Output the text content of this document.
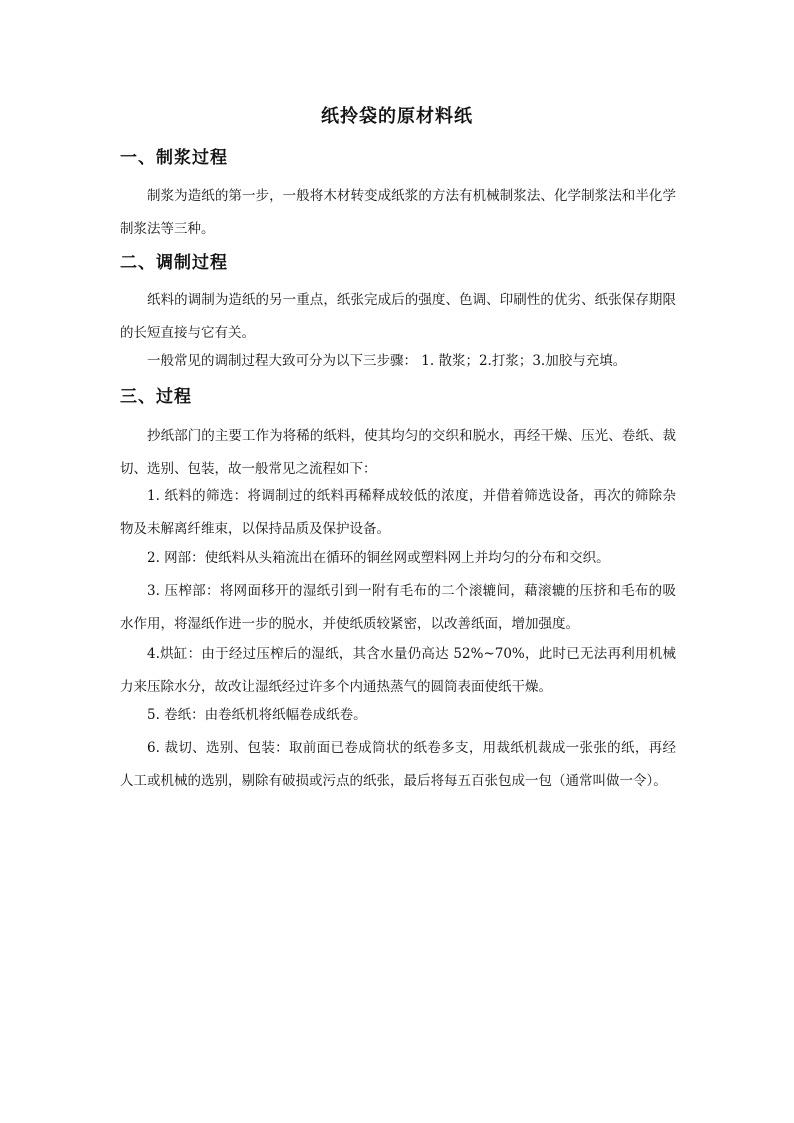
纸拎袋的原材料纸
一、制浆过程

制浆为造纸的第一步，一般将木材转变成纸浆的方法有机械制浆法、化学制浆法和半化学制浆法等三种。

二、调制过程

纸料的调制为造纸的另一重点，纸张完成后的强度、色调、印刷性的优劣、纸张保存期限的长短直接与它有关。

一般常见的调制过程大致可分为以下三步骤： 1. 散浆；2.打浆；3.加胶与充填。

三、过程

抄纸部门的主要工作为将稀的纸料，使其均匀的交织和脱水，再经干燥、压光、卷纸、裁切、选别、包装，故一般常见之流程如下：

1. 纸料的筛选：将调制过的纸料再稀释成较低的浓度，并借着筛选设备，再次的筛除杂物及未解离纤维束，以保持品质及保护设备。

2. 网部：使纸料从头箱流出在循环的铜丝网或塑料网上并均匀的分布和交织。

3. 压榨部：将网面移开的湿纸引到一附有毛布的二个滚辘间，藉滚辘的压挤和毛布的吸水作用，将湿纸作进一步的脱水，并使纸质较紧密，以改善纸面，增加强度。

4.烘缸：由于经过压榨后的湿纸，其含水量仍高达 52%~70%，此时已无法再利用机械力来压除水分，故改让湿纸经过许多个内通热蒸气的圆筒表面使纸干燥。

5. 卷纸：由卷纸机将纸幅卷成纸卷。

6. 裁切、选别、包装：取前面已卷成筒状的纸卷多支，用裁纸机裁成一张张的纸，再经人工或机械的选别，剔除有破损或污点的纸张，最后将每五百张包成一包（通常叫做一令）。
